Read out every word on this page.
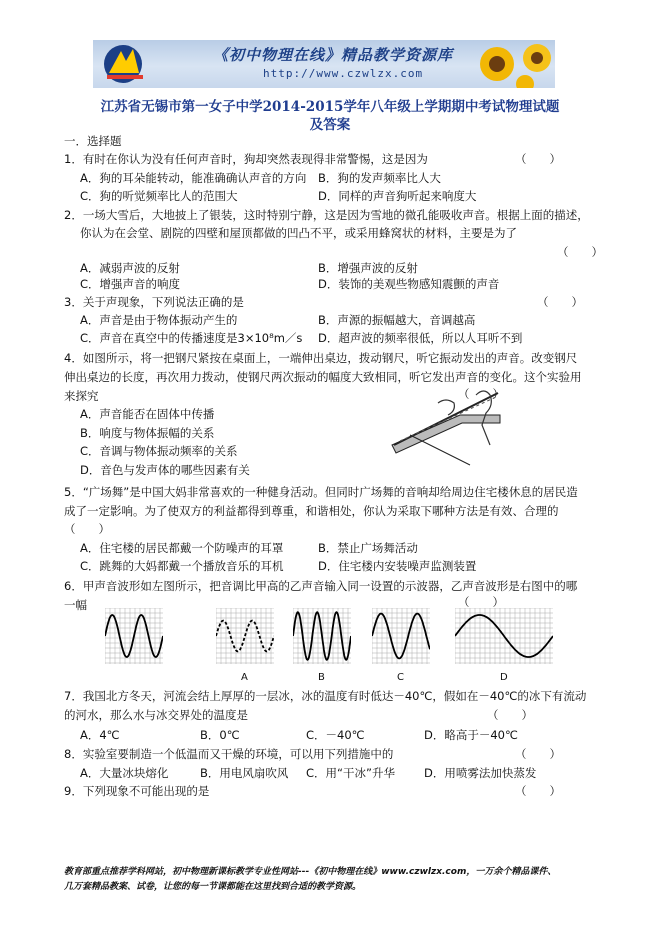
《初中物理在线》精品教学资源库
http://www.czwlzx.com
江苏省无锡市第一女子中学2014-2015学年八年级上学期期中考试物理试题
及答案
一．选择题
1．有时在你认为没有任何声音时，狗却突然表现得非常警惕，这是因为	（　　）
A．狗的耳朵能转动，能准确确认声音的方向 B．狗的发声频率比人大
C．狗的听觉频率比人的范围大	D．同样的声音狗听起来响度大
2．一场大雪后，大地披上了银装，这时特别宁静，这是因为雪地的微孔能吸收声音。根据上面的描述，
你认为在会堂、剧院的四壁和屋顶都做的凹凸不平，或采用蜂窝状的材料，主要是为了
（　　）
A．减弱声波的反射	B．增强声波的反射
C．增强声音的响度	D．装饰的美观些物感知震颤的声音
3．关于声现象，下列说法正确的是	（　　）
A．声音是由于物体振动产生的	B．声源的振幅越大，音调越高
C．声音在真空中的传播速度是3×10⁸m／s D．超声波的频率很低，所以人耳听不到
4．如图所示，将一把钢尺紧按在桌面上，一端伸出桌边，拨动钢尺，听它振动发出的声音。改变钢尺
伸出桌边的长度，再次用力拨动，使钢尺两次振动的幅度大致相同，听它发出声音的变化。这个实验用
来探究	（　　）
A．声音能否在固体中传播
B．响度与物体振幅的关系
C．音调与物体振动频率的关系
D．音色与发声体的哪些因素有关
5．“广场舞”是中国大妈非常喜欢的一种健身活动。但同时广场舞的音响却给周边住宅楼休息的居民造
成了一定影响。为了使双方的利益都得到尊重，和谐相处，你认为采取下哪种方法是有效、合理的
（　　）
A．住宅楼的居民都戴一个防噪声的耳罩	B．禁止广场舞活动
C．跳舞的大妈都戴一个播放音乐的耳机	D．住宅楼内安装噪声监测装置
6．甲声音波形如左图所示，把音调比甲高的乙声音输入同一设置的示波器，乙声音波形是右图中的哪
一幅	（　　）
A	B	C	D
7．我国北方冬天，河流会结上厚厚的一层冰，冰的温度有时低达－40℃，假如在－40℃的冰下有流动
的河水，那么水与冰交界处的温度是	（　　）
A．4℃	B．0℃	C．－40℃	D．略高于－40℃
8．实验室要制造一个低温而又干燥的环境，可以用下列措施中的	（　　）
A．大量冰块熔化	B．用电风扇吹风 C．用“干冰”升华	D．用喷雾法加快蒸发
9．下列现象不可能出现的是	（　　）
教育部重点推荐学科网站，初中物理新课标教学专业性网站---《初中物理在线》www.czwlzx.com，一万余个精品课件、
几万套精品教案、试卷，让您的每一节课都能在这里找到合适的教学资源。
